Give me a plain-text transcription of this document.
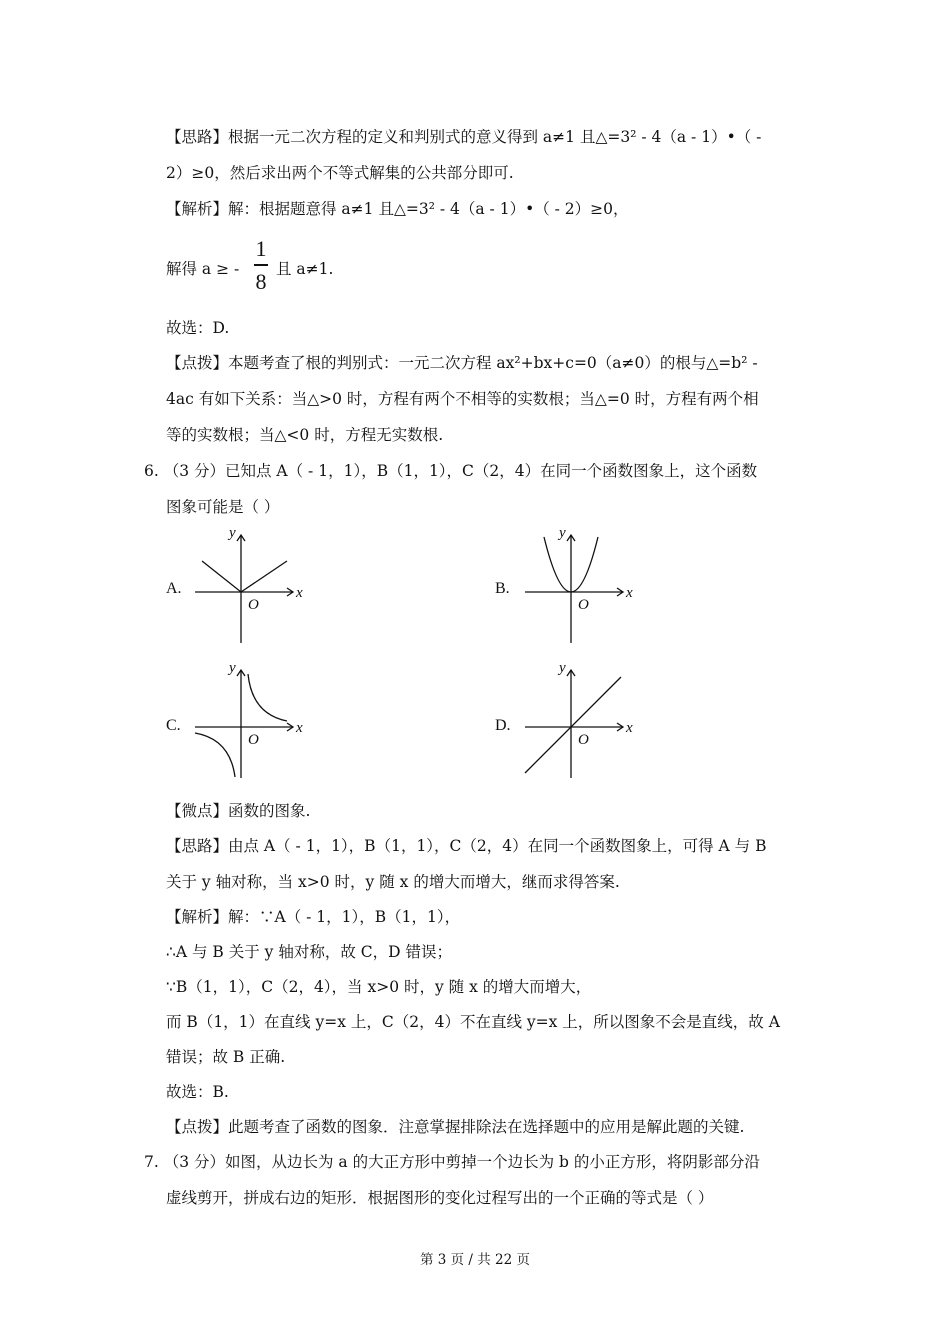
【思路】根据一元二次方程的定义和判别式的意义得到 a≠1 且△=3² - 4（a - 1）•（ -
2）≥0，然后求出两个不等式解集的公共部分即可.
【解析】解：根据题意得 a≠1 且△=3² - 4（a - 1）•（ - 2）≥0，
解得 a ≥ -
1
8 且 a≠1.
故选：D.
【点拨】本题考查了根的判别式：一元二次方程 ax²+bx+c=0（a≠0）的根与△=b² -
4ac 有如下关系：当△>0 时，方程有两个不相等的实数根；当△=0 时，方程有两个相
等的实数根；当△<0 时，方程无实数根.
6. （3 分）已知点 A（ - 1，1），B（1，1），C（2，4）在同一个函数图象上，这个函数
图象可能是（ ）
A.	x
y
O
B.	x
y
O
C.	x
y
O
D.	x
y
O
【微点】函数的图象.
【思路】由点 A（ - 1，1），B（1，1），C（2，4）在同一个函数图象上，可得 A 与 B
关于 y 轴对称，当 x>0 时，y 随 x 的增大而增大，继而求得答案.
【解析】解：∵A（ - 1，1），B（1，1），
∴A 与 B 关于 y 轴对称，故 C，D 错误；
∵B（1，1），C（2，4），当 x>0 时，y 随 x 的增大而增大，
而 B（1，1）在直线 y=x 上，C（2，4）不在直线 y=x 上，所以图象不会是直线，故 A
错误；故 B 正确.
故选：B.
【点拨】此题考查了函数的图象．注意掌握排除法在选择题中的应用是解此题的关键.
7. （3 分）如图，从边长为 a 的大正方形中剪掉一个边长为 b 的小正方形，将阴影部分沿
虚线剪开，拼成右边的矩形．根据图形的变化过程写出的一个正确的等式是（ ）
第 3 页 / 共 22 页
